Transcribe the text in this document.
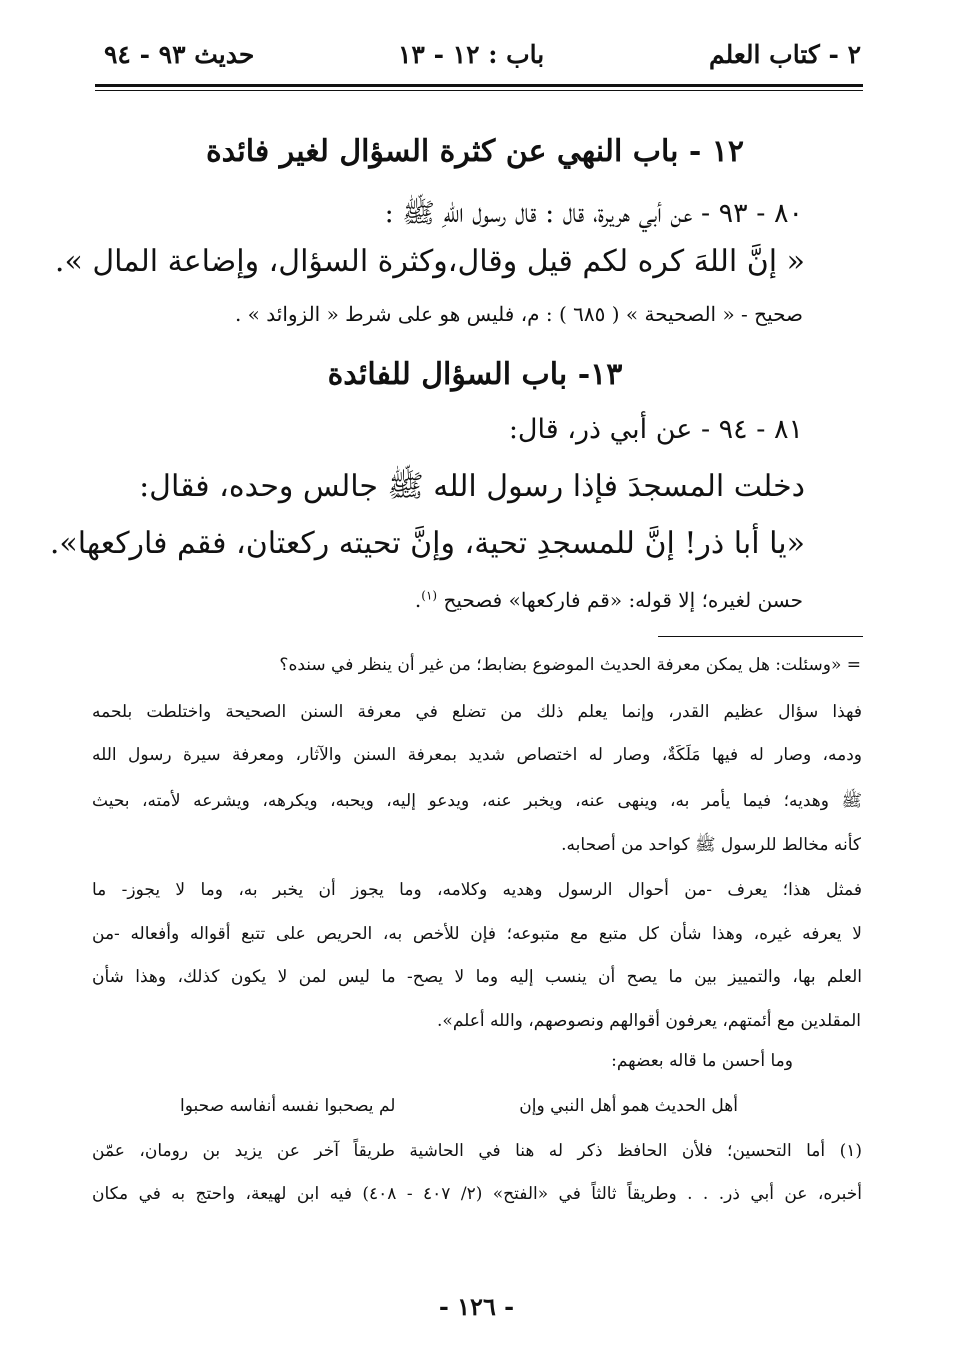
٢ - كتاب العلم
باب : ١٢ - ١٣
حديث ٩٣ - ٩٤
١٢ - باب النهي عن كثرة السؤال لغير فائدة
٨٠ - ٩٣ - عن أبي هريرة، قال : قال رسول اللهِ ﷺ :
« إنَّ اللهَ كره لكم قيل وقال،وكثرة السؤال، وإضاعة المال ».
صحيح - « الصحيحة » ( ٦٨٥ ) : م، فليس هو على شرط « الزوائد » .
١٣- باب السؤال للفائدة
٨١ - ٩٤ - عن أبي ذر، قال:
دخلت المسجدَ فإذا رسول الله ﷺ جالس وحده، فقال:
«يا أبا ذر! إنَّ للمسجدِ تحية، وإنَّ تحيته ركعتان، فقم فاركعها».
حسن لغيره؛ إلا قوله: «قم فاركعها» فصحيح $^{(١)}$.
= «وسئلت: هل يمكن معرفة الحديث الموضوع بضابط؛ من غير أن ينظر في سنده؟
فهذا سؤال عظيم القدر، وإنما يعلم ذلك من تضلع في معرفة السنن الصحيحة واختلطت بلحمه
ودمه، وصار له فيها مَلَكَةٌ، وصار له اختصاص شديد بمعرفة السنن والآثار، ومعرفة سيرة رسول الله
ﷺ وهديه؛ فيما يأمر به، وينهى عنه، ويخبر عنه، ويدعو إليه، ويحبه، ويكرهه، ويشرعه لأمته، بحيث
كأنه مخالط للرسول ﷺ كواحد من أصحابه.
فمثل هذا؛ يعرف -من أحوال الرسول وهديه وكلامه، وما يجوز أن يخبر به، وما لا يجوز- ما
لا يعرفه غيره، وهذا شأن كل متبع مع متبوعه؛ فإن للأخص به، الحريص على تتبع أقواله وأفعاله -من
العلم بها، والتمييز بين ما يصح أن ينسب إليه وما لا يصح- ما ليس لمن لا يكون كذلك، وهذا شأن
المقلدين مع أئمتهم، يعرفون أقوالهم ونصوصهم، والله أعلم».
وما أحسن ما قاله بعضهم:
أهل الحديث همو أهل النبي وإن
لم يصحبوا نفسه أنفاسه صحبوا
(١) أما التحسين؛ فلأن الحافظ ذكر له هنا في الحاشية طريقاً آخر عن يزيد بن رومان، عمّن
أخبره، عن أبي ذر. . . وطريقاً ثالثاً في «الفتح» (٢/ ٤٠٧ - ٤٠٨) فيه ابن لهيعة، واحتج به في مكان
- ١٢٦ -
